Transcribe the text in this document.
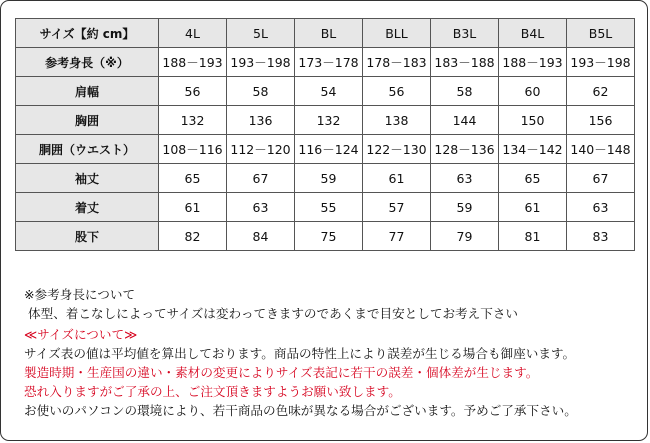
サイズ【約 cm】	4L	5L	BL	BLL	B3L	B4L	B5L
参考身長（※）	188－193	193－198	173－178	178－183	183－188	188－193	193－198
肩幅	56	58	54	56	58	60	62
胸囲	132	136	132	138	144	150	156
胴囲（ウエスト）	108－116	112－120	116－124	122－130	128－136	134－142	140－148
袖丈	65	67	59	61	63	65	67
着丈	61	63	55	57	59	61	63
股下	82	84	75	77	79	81	83
※参考身長について
体型、着こなしによってサイズは変わってきますのであくまで目安としてお考え下さい
≪サイズについて≫
サイズ表の値は平均値を算出しております。商品の特性上により誤差が生じる場合も御座います。
製造時期・生産国の違い・素材の変更によりサイズ表記に若干の誤差・個体差が生じます。
恐れ入りますがご了承の上、ご注文頂きますようお願い致します。
お使いのパソコンの環境により、若干商品の色味が異なる場合がございます。予めご了承下さい。
